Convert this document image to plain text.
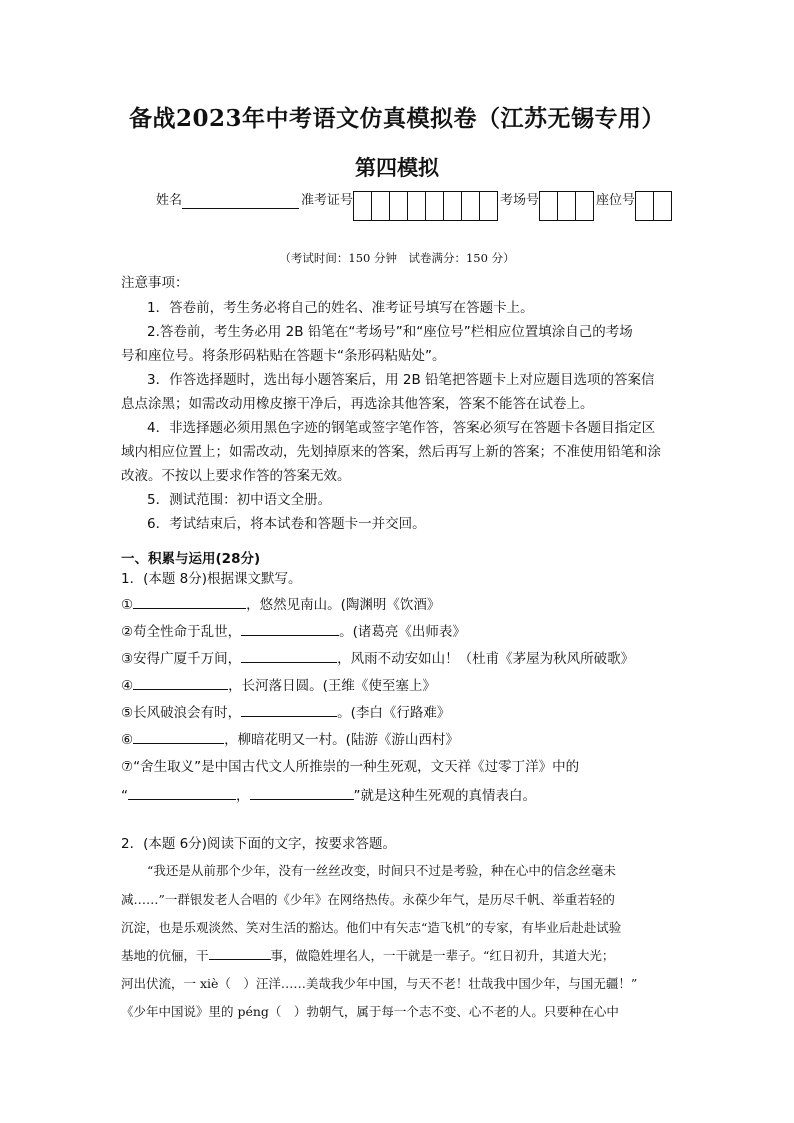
备战2023年中考语文仿真模拟卷（江苏无锡专用）
第四模拟
姓名	准考证号	考场号	座位号
（考试时间：150 分钟　试卷满分：150 分）
注意事项：
1．答卷前，考生务必将自己的姓名、准考证号填写在答题卡上。
2.答卷前，考生务必用 2B 铅笔在“考场号”和“座位号”栏相应位置填涂自己的考场
号和座位号。将条形码粘贴在答题卡“条形码粘贴处”。
3．作答选择题时，选出每小题答案后，用 2B 铅笔把答题卡上对应题目选项的答案信
息点涂黑；如需改动用橡皮擦干净后，再选涂其他答案，答案不能答在试卷上。
4．非选择题必须用黑色字迹的钢笔或签字笔作答，答案必须写在答题卡各题目指定区
域内相应位置上；如需改动，先划掉原来的答案，然后再写上新的答案；不准使用铅笔和涂
改液。不按以上要求作答的答案无效。
5．测试范围：初中语文全册。
6．考试结束后，将本试卷和答题卡一并交回。
一、积累与运用(28分)
1．(本题 8分)根据课文默写。
①	，悠然见南山。(陶渊明《饮酒》
②苟全性命于乱世，	。(诸葛亮《出师表》
③安得广厦千万间，	，风雨不动安如山！（杜甫《茅屋为秋风所破歌》
④	，长河落日圆。(王维《使至塞上》
⑤长风破浪会有时，	。(李白《行路难》
⑥	，柳暗花明又一村。(陆游《游山西村》
⑦“舍生取义”是中国古代文人所推崇的一种生死观，文天祥《过零丁洋》中的
“	，	”就是这种生死观的真情表白。
2．(本题 6分)阅读下面的文字，按要求答题。
“我还是从前那个少年，没有一丝丝改变，时间只不过是考验，种在心中的信念丝毫未
减……”一群银发老人合唱的《少年》在网络热传。永葆少年气，是历尽千帆、举重若轻的
沉淀，也是乐观淡然、笑对生活的豁达。他们中有矢志“造飞机”的专家，有毕业后赴赴试验
基地的伉俪，干	事，做隐姓埋名人，一干就是一辈子。“红日初升，其道大光；
河出伏流，一 xiè（　）汪洋……美哉我少年中国，与天不老！壮哉我中国少年，与国无疆！”
《少年中国说》里的 péng（　）勃朝气，属于每一个志不变、心不老的人。只要种在心中
